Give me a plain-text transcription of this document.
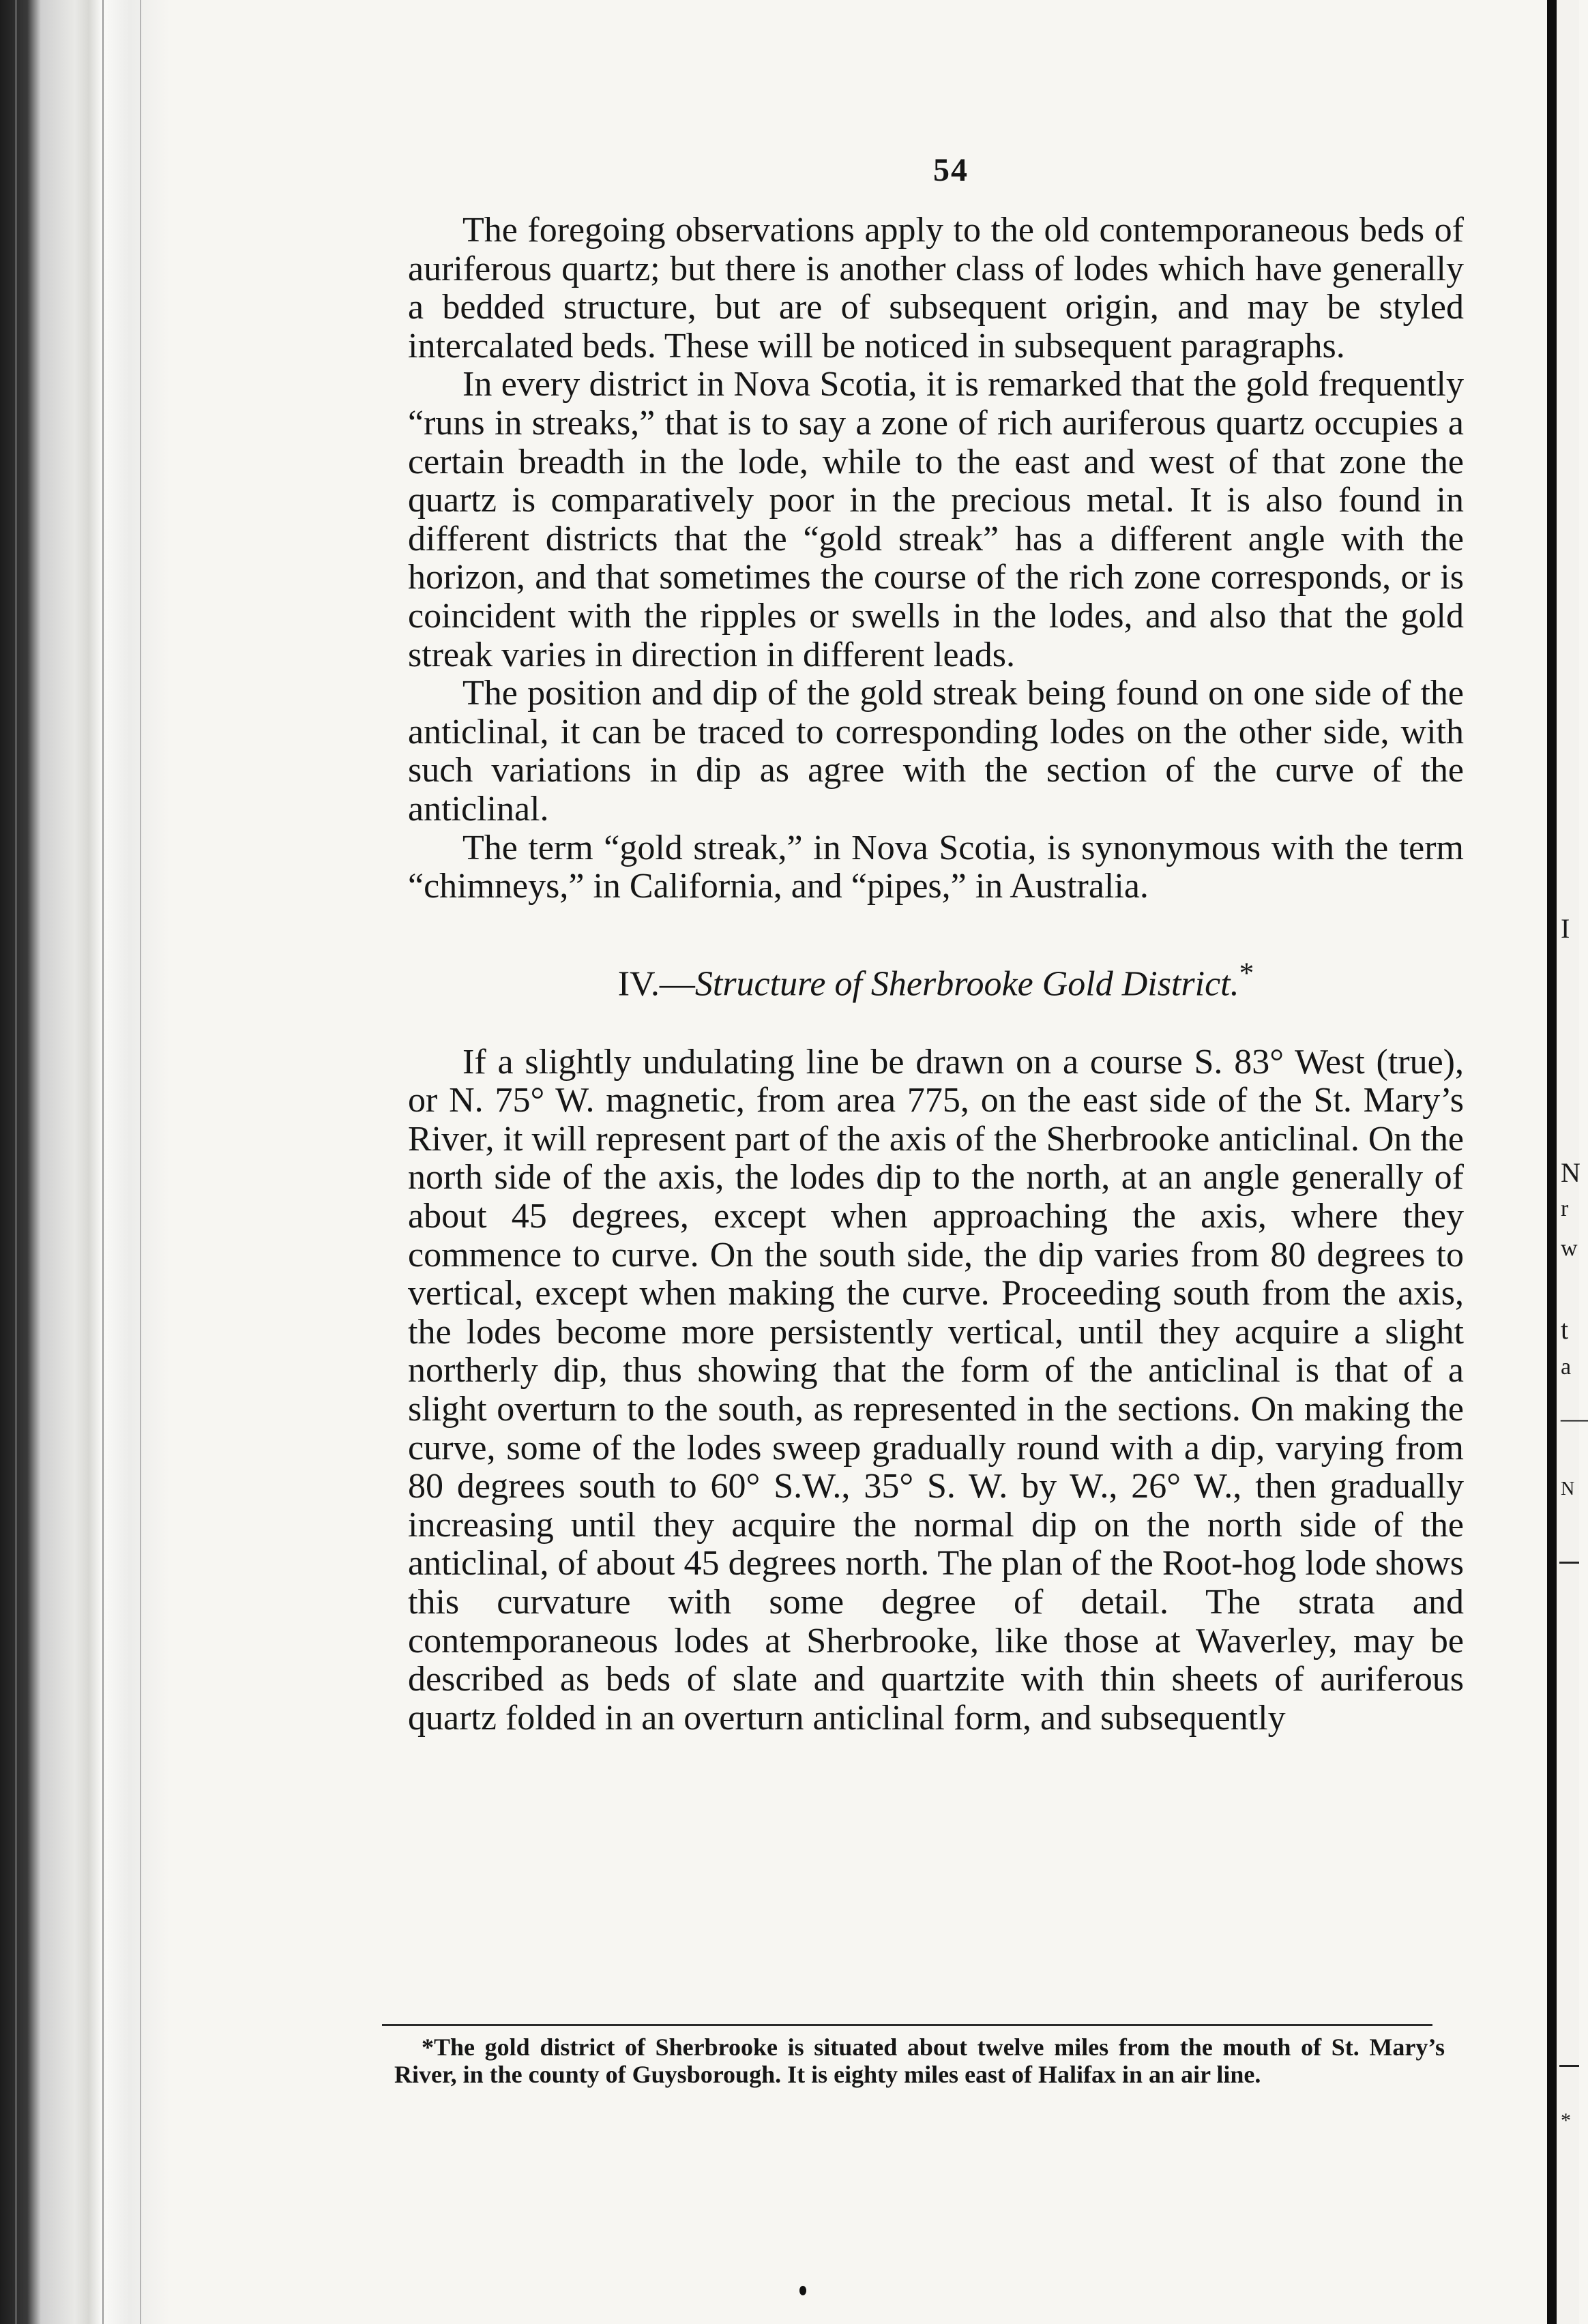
I
N
r
w
t
a
—
N
*
54

The foregoing observations apply to the old contemporaneous beds of auriferous quartz; but there is another class of lodes which have generally a bedded structure, but are of subsequent origin, and may be styled intercalated beds. These will be noticed in subsequent paragraphs.

In every district in Nova Scotia, it is remarked that the gold frequently “runs in streaks,” that is to say a zone of rich auriferous quartz occupies a certain breadth in the lode, while to the east and west of that zone the quartz is comparatively poor in the precious metal. It is also found in different districts that the “gold streak” has a different angle with the horizon, and that sometimes the course of the rich zone corresponds, or is coincident with the ripples or swells in the lodes, and also that the gold streak varies in direction in different leads.

The position and dip of the gold streak being found on one side of the anticlinal, it can be traced to corresponding lodes on the other side, with such variations in dip as agree with the section of the curve of the anticlinal.

The term “gold streak,” in Nova Scotia, is synonymous with the term “chimneys,” in California, and “pipes,” in Australia.

IV.—Structure of Sherbrooke Gold District.*

If a slightly undulating line be drawn on a course S. 83° West (true), or N. 75° W. magnetic, from area 775, on the east side of the St. Mary’s River, it will represent part of the axis of the Sherbrooke anticlinal. On the north side of the axis, the lodes dip to the north, at an angle generally of about 45 degrees, except when approaching the axis, where they commence to curve. On the south side, the dip varies from 80 degrees to vertical, except when making the curve. Proceeding south from the axis, the lodes become more persistently vertical, until they acquire a slight northerly dip, thus showing that the form of the anticlinal is that of a slight overturn to the south, as represented in the sections. On making the curve, some of the lodes sweep gradually round with a dip, varying from 80 degrees south to 60° S.W., 35° S. W. by W., 26° W., then gradually increasing until they acquire the normal dip on the north side of the anticlinal, of about 45 degrees north. The plan of the Root-hog lode shows this curvature with some degree of detail. The strata and contemporaneous lodes at Sherbrooke, like those at Waverley, may be described as beds of slate and quartzite with thin sheets of auriferous quartz folded in an overturn anticlinal form, and subsequently

*The gold district of Sherbrooke is situated about twelve miles from the mouth of St. Mary’s River, in the county of Guysborough. It is eighty miles east of Halifax in an air line.
